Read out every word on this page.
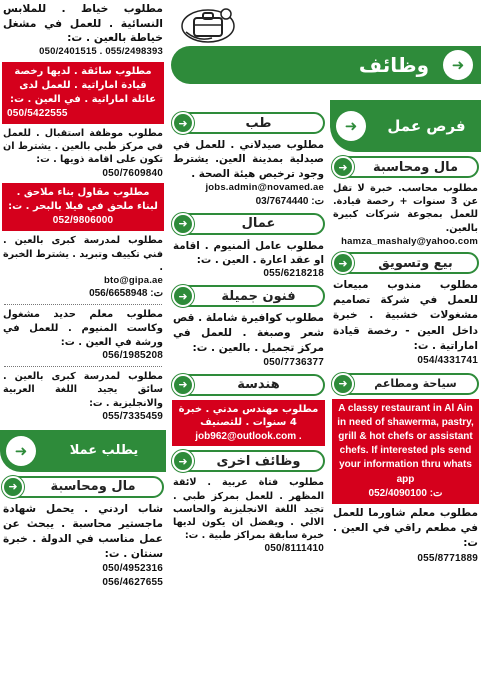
وظائف	➜
➜	فرص عمل
➜	مال ومحاسبة

مطلوب محاسب. خبرة لا تقل عن 3 سنوات + رخصة قيادة. للعمل بمجوعة شركات كبيرة بالعين.

hamza_mashaly@yahoo.com
➜	بيع وتسويق

مطلوب مندوب مبيعات للعمل في شركة تصاميم مشغولات خشبية . خبرة داخل العين - رخصة قيادة اماراتية . ت:

054/4331741
➜	سياحة ومطاعم

A classy restaurant in Al Ain in need of shawerma, pastry, grill & hot chefs or assistant chefs. If interested pls send your information thru whats app

ت: 052/4090100

مطلوب معلم شاورما للعمل في مطعم راقي في العين . ت:

055/8771889
➜	طب

مطلوب صيدلاني . للعمل في صيدلية بمدينة العين. يشترط وجود ترخيص هيئة الصحة .

jobs.admin@novamed.ae
ت: 03/7674440
➜	عمال

مطلوب عامل ألمنيوم . اقامة او عقد اعارة . العين . ت:

055/6218218
➜	فنون جميلة

مطلوب كوافيرة شاملة . قص شعر وصبغة . للعمل في مركز تجميل . بالعين . ت:

050/7736377
➜	هندسة

مطلوب مهندس مدني . خبرة 4 سنوات . للتصنيف

job962@outlook.com .

➜	وظائف اخرى

مطلوب فتاة عربية . لائقة المظهر . للعمل بمركز طبي . تجيد اللغة الانجليزية والحاسب الالي . ويفضل ان يكون لديها خبرة سابقة بمراكز طبية . ت:

050/8111410

مطلوب خياط . للملابس النسائية . للعمل في مشغل خياطة بالعين . ت:

050/2401515 . 055/2498393

مطلوب سائقة . لديها رخصة قيادة اماراتية . للعمل لدى عائلة اماراتية . في العين . ت:

050/5422555

مطلوب موظفة استقبال . للعمل في مركز طبي بالعين . يشترط ان تكون على اقامة ذويها . ت:

050/7609840

مطلوب مقاول بناء ملاحق . لبناء ملحق في فيلا بالبحر . ت:

052/9806000

مطلوب لمدرسة كبرى بالعين . فني تكييف وتبريد . يشترط الخبرة .

bto@gipa.ae
ت: 056/6658948

مطلوب معلم حديد مشغول وكاست المنيوم . للعمل في ورشة في العين . ت:

056/1985208

مطلوب لمدرسة كبرى بالعين . سائق يجيد اللغة العربية والانجليزية . ت:

055/7335459
➜	يطلب عملا
➜	مال ومحاسبة

شاب اردني . يحمل شهادة ماجستير محاسبة . يبحث عن عمل مناسب في الدولة . خبرة سنتان . ت:

050/4952316
056/4627655
